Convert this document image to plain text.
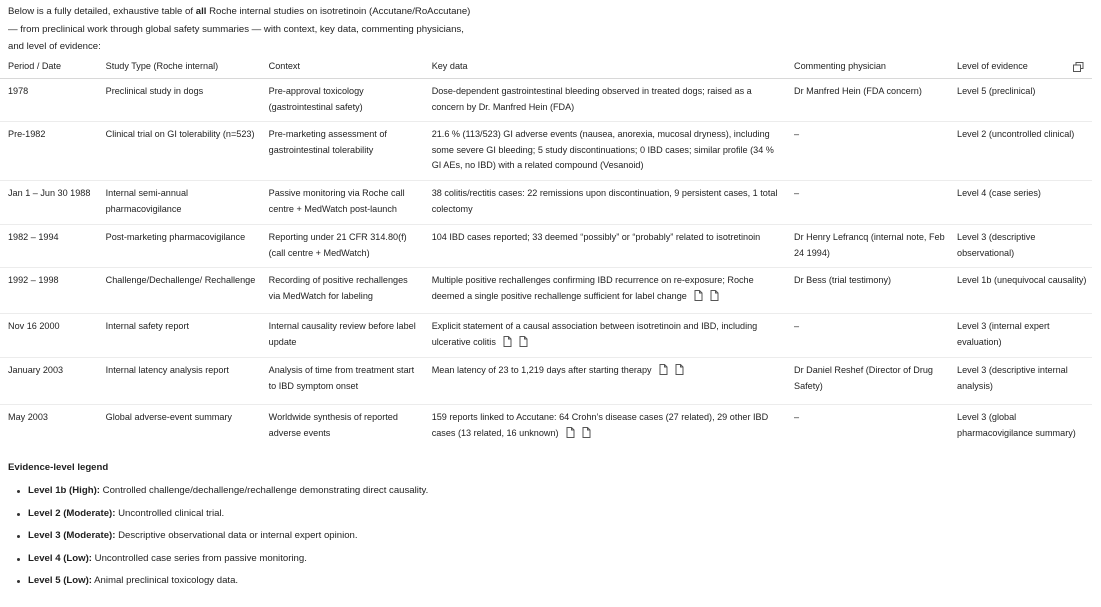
Below is a fully detailed, exhaustive table of all Roche internal studies on isotretinoin (Accutane/RoAccutane)
— from preclinical work through global safety summaries — with context, key data, commenting physicians,
and level of evidence:
Period / Date	Study Type (Roche internal)	Context	Key data	Commenting physician	Level of evidence

1978	Preclinical study in dogs	Pre-approval toxicology (gastrointestinal safety)	Dose-dependent gastrointestinal bleeding observed in treated dogs; raised as a concern by Dr. Manfred Hein (FDA)	Dr Manfred Hein (FDA concern)	Level 5 (preclinical)
Pre-1982	Clinical trial on GI tolerability (n=523)	Pre-marketing assessment of gastrointestinal tolerability	21.6 % (113/523) GI adverse events (nausea, anorexia, mucosal dryness), including some severe GI bleeding; 5 study discontinuations; 0 IBD cases; similar profile (34 % GI AEs, no IBD) with a related compound (Vesanoid)	–	Level 2 (uncontrolled clinical)
Jan 1 – Jun 30 1988	Internal semi-annual pharmacovigilance	Passive monitoring via Roche call centre + MedWatch post-launch	38 colitis/rectitis cases: 22 remissions upon discontinuation, 9 persistent cases, 1 total colectomy	–	Level 4 (case series)
1982 – 1994	Post-marketing pharmacovigilance	Reporting under 21 CFR 314.80(f) (call centre + MedWatch)	104 IBD cases reported; 33 deemed “possibly” or “probably” related to isotretinoin	Dr Henry Lefrancq (internal note, Feb 24 1994)	Level 3 (descriptive observational)
1992 – 1998	Challenge/Dechallenge/ Rechallenge	Recording of positive rechallenges via MedWatch for labeling	Multiple positive rechallenges confirming IBD recurrence on re-exposure; Roche deemed a single positive rechallenge sufficient for label change	Dr Bess (trial testimony)	Level 1b (unequivocal causality)
Nov 16 2000	Internal safety report	Internal causality review before label update	Explicit statement of a causal association between isotretinoin and IBD, including ulcerative colitis	–	Level 3 (internal expert evaluation)
January 2003	Internal latency analysis report	Analysis of time from treatment start to IBD symptom onset	Mean latency of 23 to 1,219 days after starting therapy	Dr Daniel Reshef (Director of Drug Safety)	Level 3 (descriptive internal analysis)
May 2003	Global adverse-event summary	Worldwide synthesis of reported adverse events	159 reports linked to Accutane: 64 Crohn’s disease cases (27 related), 29 other IBD cases (13 related, 16 unknown)	–	Level 3 (global pharmacovigilance summary)
Evidence-level legend
Level 1b (High): Controlled challenge/dechallenge/rechallenge demonstrating direct causality.
Level 2 (Moderate): Uncontrolled clinical trial.
Level 3 (Moderate): Descriptive observational data or internal expert opinion.
Level 4 (Low): Uncontrolled case series from passive monitoring.
Level 5 (Low): Animal preclinical toxicology data.
